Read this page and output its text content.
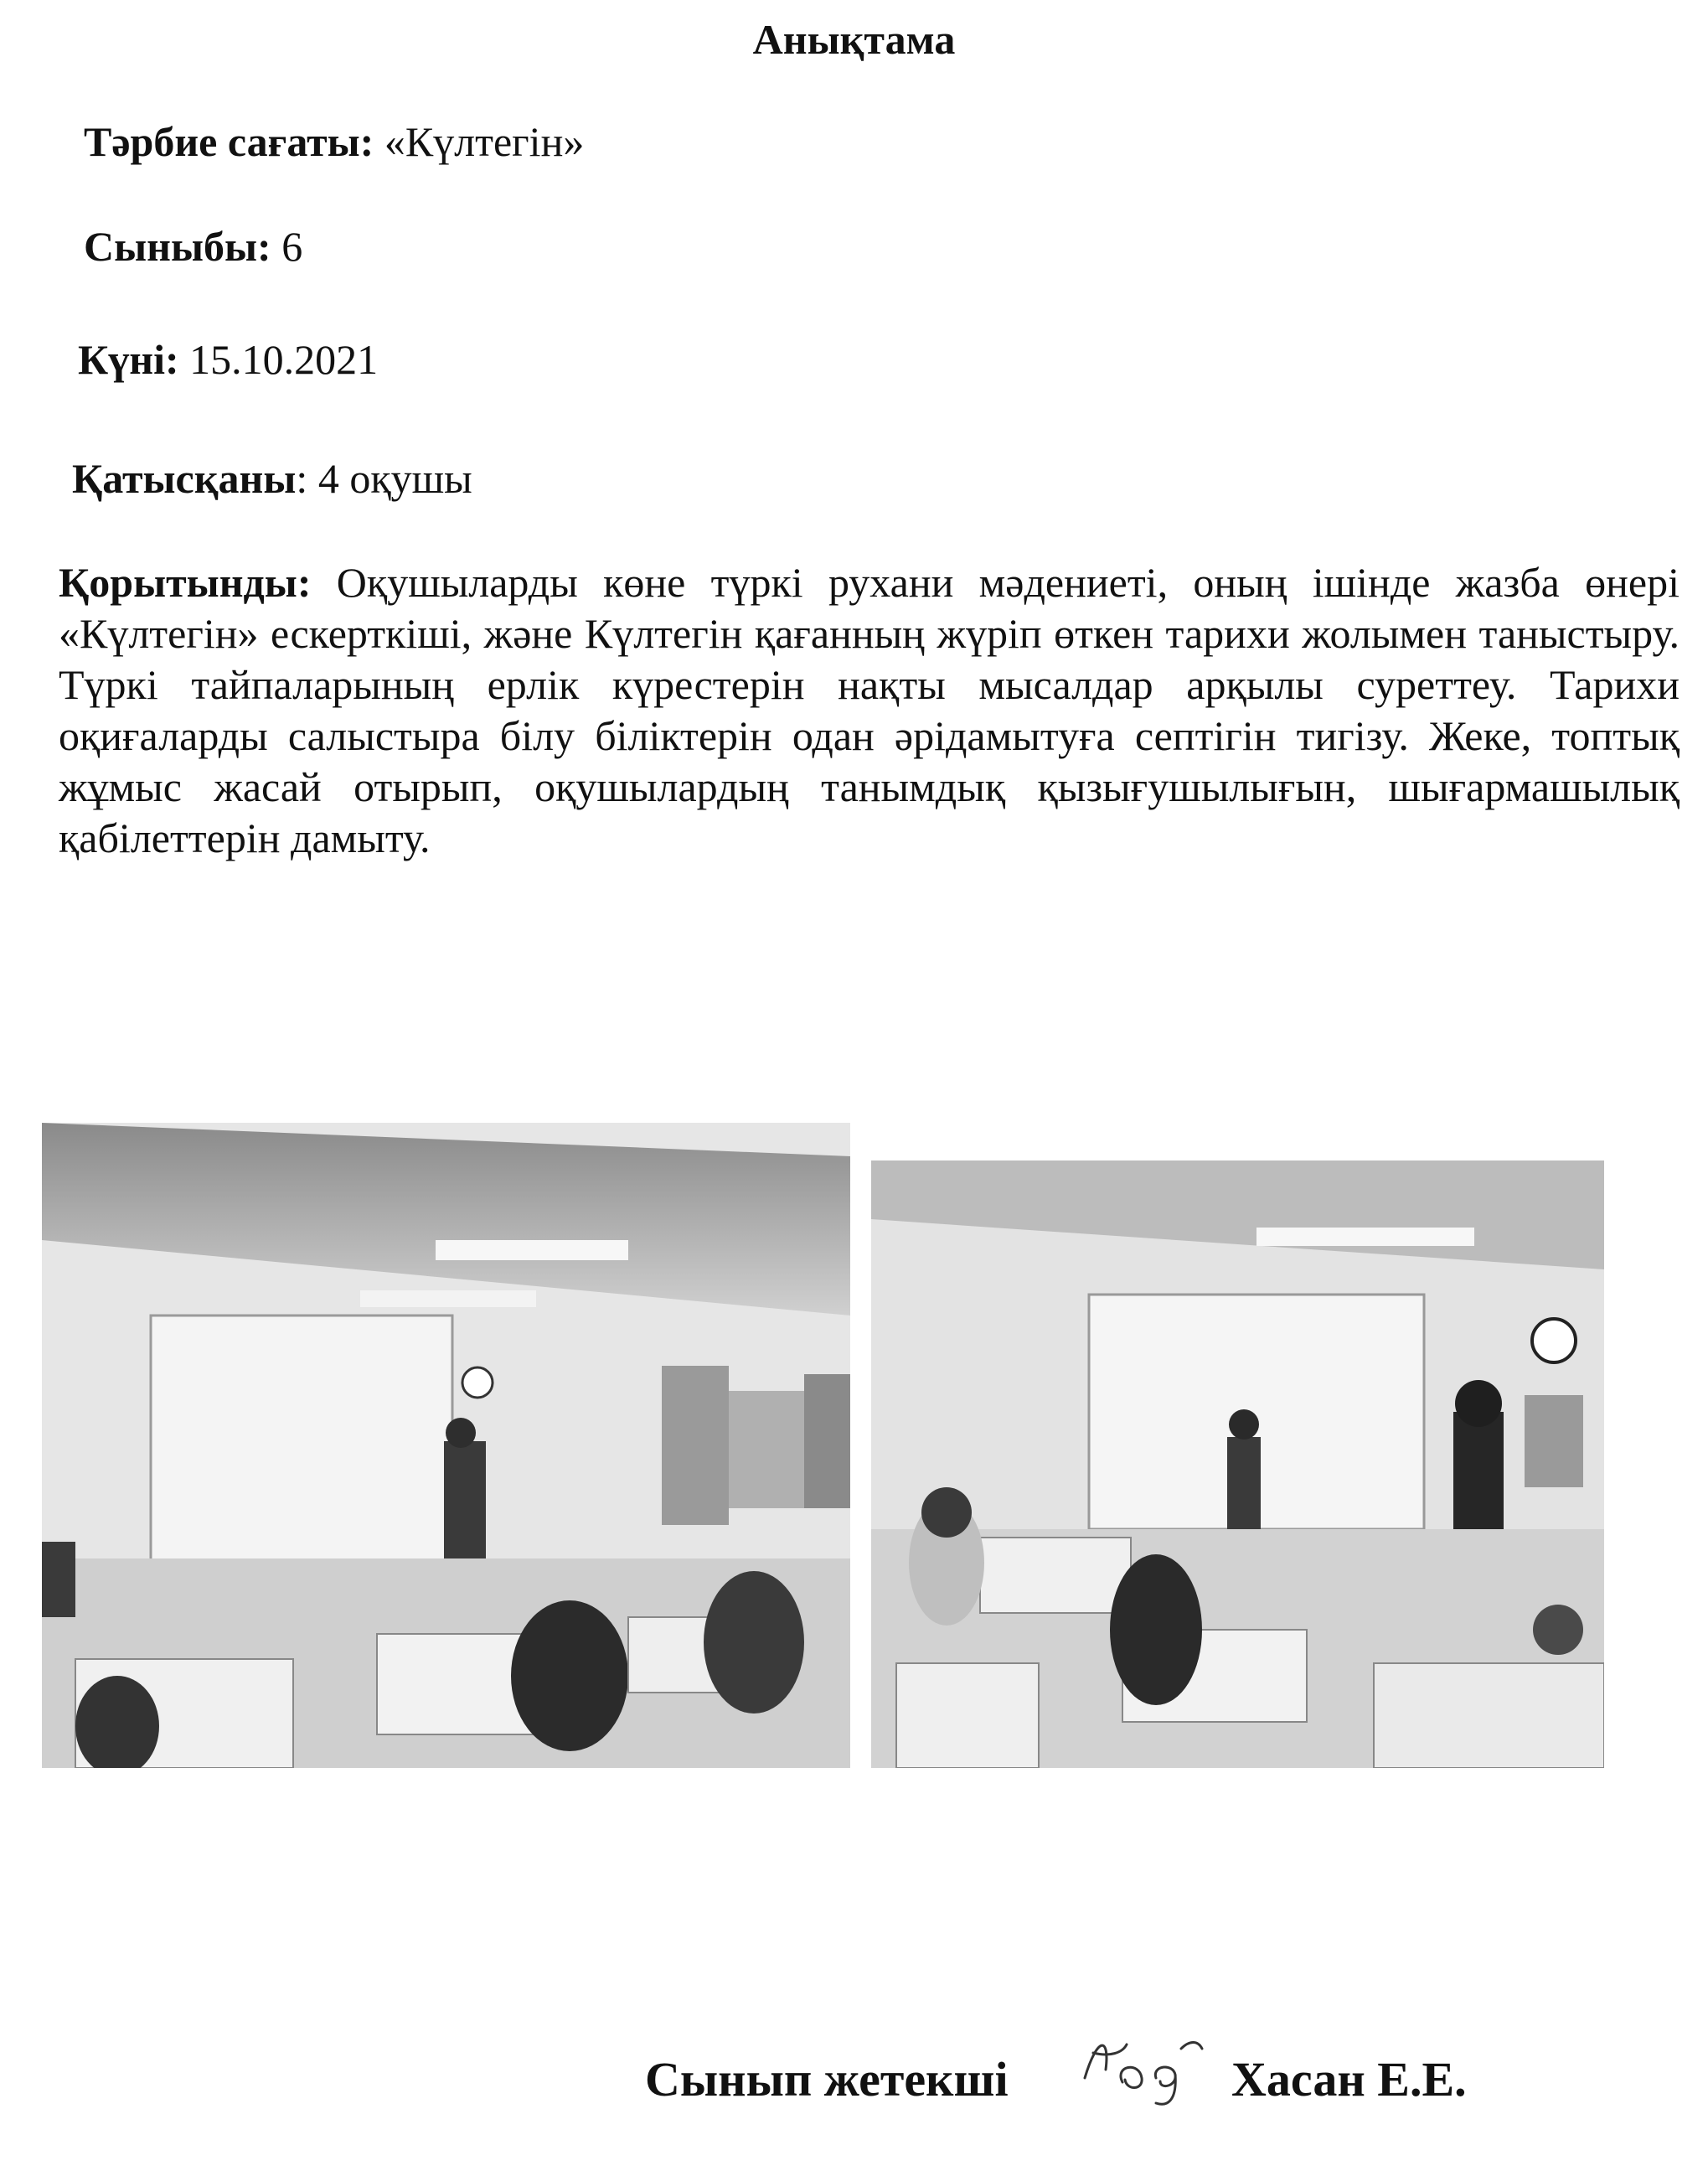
Анықтама
Тәрбие сағаты: «Күлтегін»
Сыныбы: 6
Күні: 15.10.2021
Қатысқаны: 4 оқушы
Қорытынды: Оқушыларды көне түркі рухани мәдениеті, оның ішінде жазба өнері «Күлтегін» ескерткіші, және Күлтегін қағанның жүріп өткен тарихи жолымен таныстыру. Түркі тайпаларының ерлік күрестерін нақты мысалдар арқылы суреттеу. Тарихи оқиғаларды салыстыра білу біліктерін одан әрідамытуға септігін тигізу. Жеке, топтық жұмыс жасай отырып, оқушылардың танымдық қызығушылығын, шығармашылық қабілеттерін дамыту.
Сынып жетекші	Хасан Е.Е.
